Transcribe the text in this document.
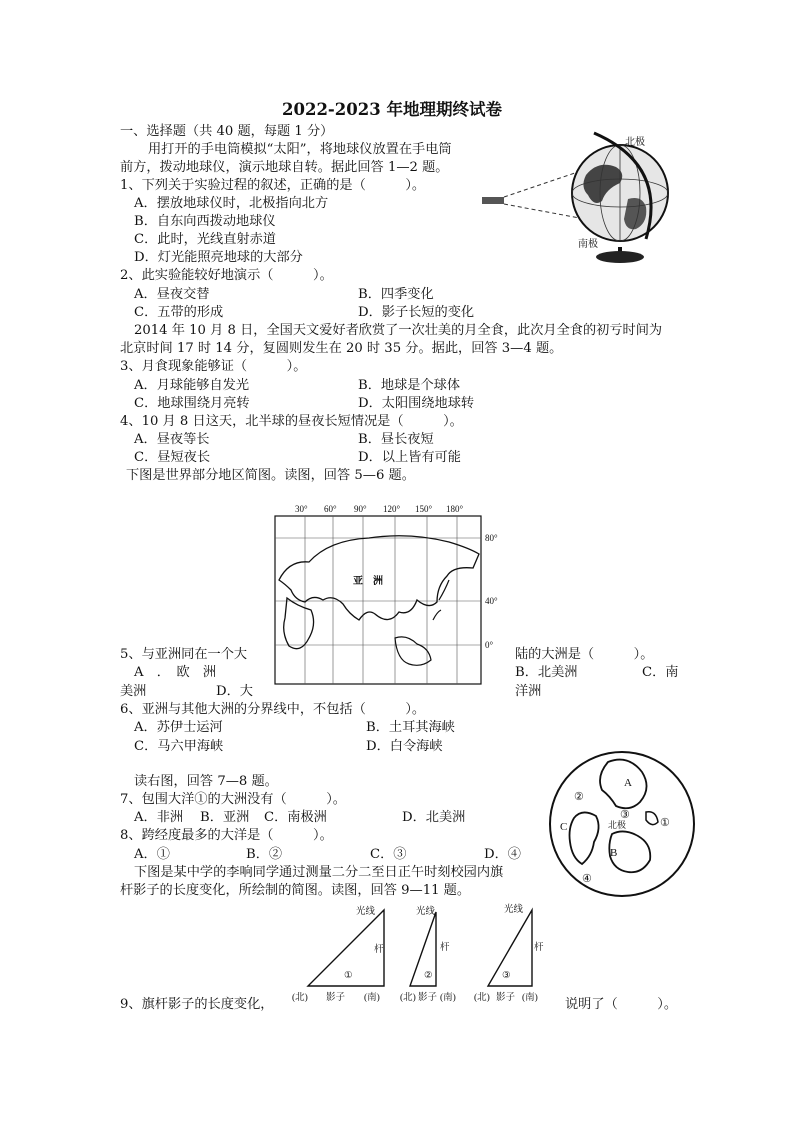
2022-2023 年地理期终试卷
一、选择题（共 40 题，每题 1 分）
用打开的手电筒模拟“太阳”，将地球仪放置在手电筒
前方，拨动地球仪，演示地球自转。据此回答 1—2 题。
1、下列关于实验过程的叙述，正确的是（　　　）。
A．摆放地球仪时，北极指向北方
B．自东向西拨动地球仪
C．此时，光线直射赤道
D．灯光能照亮地球的大部分
北极
南极
2、此实验能较好地演示（　　　）。
A．昼夜交替	B．四季变化
C．五带的形成	D．影子长短的变化
2014 年 10 月 8 日，全国天文爱好者欣赏了一次壮美的月全食，此次月全食的初亏时间为
北京时间 17 时 14 分，复圆则发生在 20 时 35 分。据此，回答 3—4 题。
3、月食现象能够证（　　　）。
A．月球能够自发光	B．地球是个球体
C．地球围绕月亮转	D．太阳围绕地球转
4、10 月 8 日这天，北半球的昼夜长短情况是（　　　）。
A．昼夜等长	B．昼长夜短
C．昼短夜长	D．以上皆有可能
下图是世界部分地区简图。读图，回答 5—6 题。
30° 60° 90° 120° 150° 180°
80°
40°
0°
亚　洲
5、与亚洲同在一个大	陆的大洲是（　　　）。
A　．　欧　洲	B．北美洲	C．南
美洲	D．大	洋洲
6、亚洲与其他大洲的分界线中，不包括（　　　）。
A．苏伊士运河	B．土耳其海峡
C．马六甲海峡	D．白令海峡
读右图，回答 7—8 题。
7、包围大洋①的大洲没有（　　　）。
A．非洲 B．亚洲 C．南极洲	D．北美洲
8、跨经度最多的大洋是（　　　）。
A．①	B．②	C．③	D．④
A
②
③
①
C	北极
B
④
下图是某中学的李响同学通过测量二分二至日正午时刻校园内旗
杆影子的长度变化，所绘制的简图。读图，回答 9—11 题。
光线	光线	光线
杆	杆	杆
①	②	③
(北) 影子 (南) (北) 影子 (南) (北) 影子 (南)
9、旗杆影子的长度变化，	说明了（　　　）。
